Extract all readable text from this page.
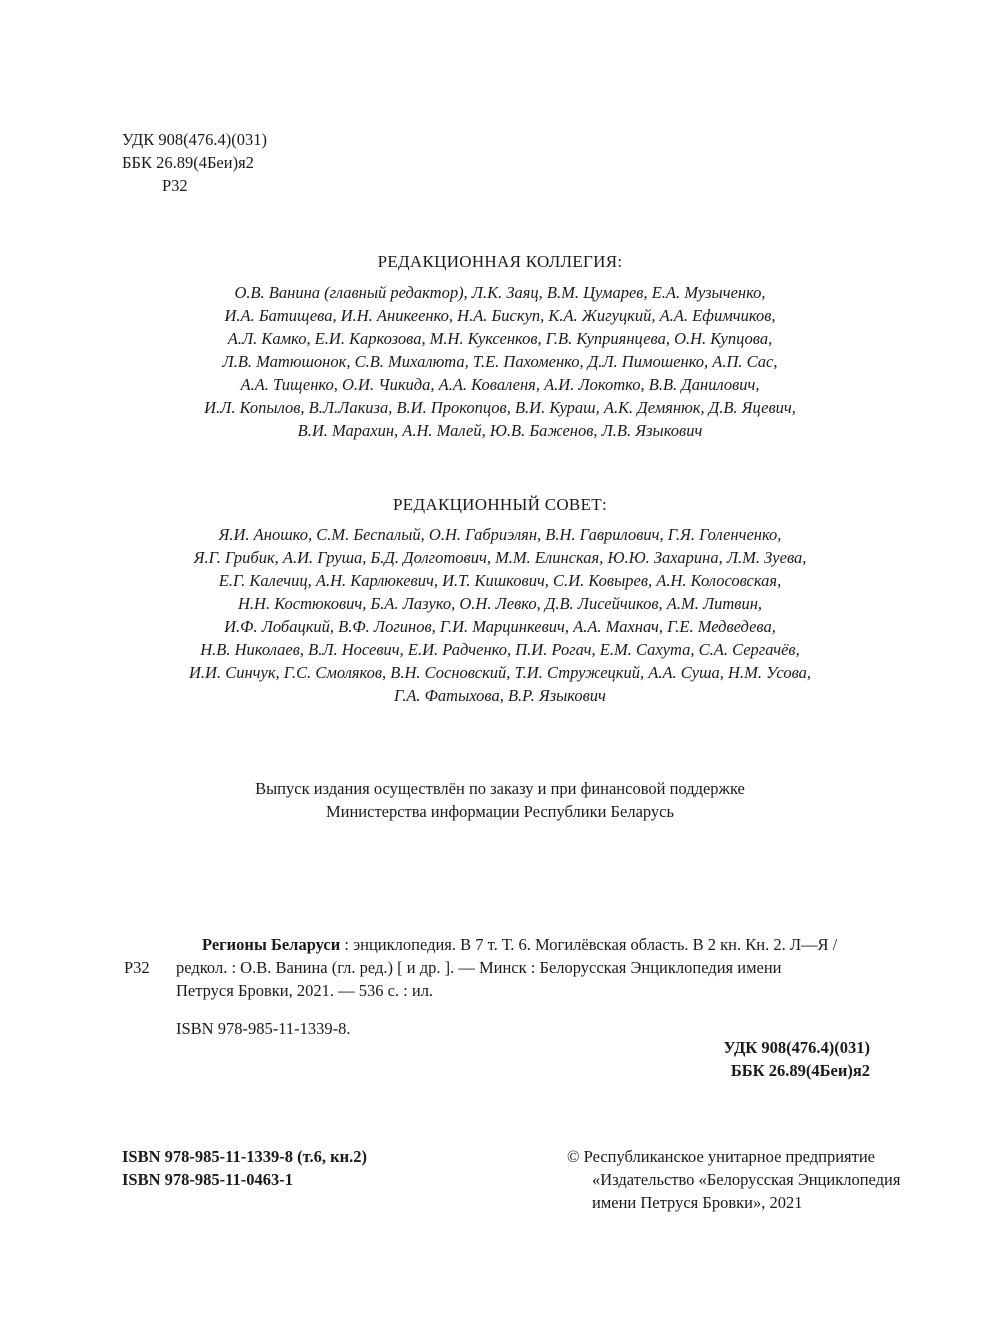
УДК 908(476.4)(031)
ББК 26.89(4Беи)я2
Р32
РЕДАКЦИОННАЯ КОЛЛЕГИЯ:
О.В. Ванина (главный редактор), Л.К. Заяц, В.М. Цумарев, Е.А. Музыченко,
И.А. Батищева, И.Н. Аникеенко, Н.А. Бискуп, К.А. Жигуцкий, А.А. Ефимчиков,
А.Л. Камко, Е.И. Каркозова, М.Н. Куксенков, Г.В. Куприянцева, О.Н. Купцова,
Л.В. Матюшонок, С.В. Михалюта, Т.Е. Пахоменко, Д.Л. Пимошенко, А.П. Сас,
А.А. Тищенко, О.И. Чикида, А.А. Коваленя, А.И. Локотко, В.В. Данилович,
И.Л. Копылов, В.Л.Лакиза, В.И. Прокопцов, В.И. Кураш, А.К. Демянюк, Д.В. Яцевич,
В.И. Марахин, А.Н. Малей, Ю.В. Баженов, Л.В. Языкович
РЕДАКЦИОННЫЙ СОВЕТ:
Я.И. Аношко, С.М. Беспалый, О.Н. Габриэлян, В.Н. Гаврилович, Г.Я. Голенченко,
Я.Г. Грибик, А.И. Груша, Б.Д. Долготович, М.М. Елинская, Ю.Ю. Захарина, Л.М. Зуева,
Е.Г. Калечиц, А.Н. Карлюкевич, И.Т. Кишкович, С.И. Ковырев, А.Н. Колосовская,
Н.Н. Костюкович, Б.А. Лазуко, О.Н. Левко, Д.В. Лисейчиков, А.М. Литвин,
И.Ф. Лобацкий, В.Ф. Логинов, Г.И. Марцинкевич, А.А. Махнач, Г.Е. Медведева,
Н.В. Николаев, В.Л. Носевич, Е.И. Радченко, П.И. Рогач, Е.М. Сахута, С.А. Сергачёв,
И.И. Синчук, Г.С. Смоляков, В.Н. Сосновский, Т.И. Стружецкий, А.А. Суша, Н.М. Усова,
Г.А. Фатыхова, В.Р. Языкович
Выпуск издания осуществлён по заказу и при финансовой поддержке
Министерства информации Республики Беларусь
Р32
Регионы Беларуси : энциклопедия. В 7 т. Т. 6. Могилёвская область. В 2 кн. Кн. 2. Л—Я /
редкол. : О.В. Ванина (гл. ред.) [ и др. ]. — Минск : Белорусская Энциклопедия имени
Петруся Бровки, 2021. — 536 с. : ил.
ISBN 978-985-11-1339-8.
УДК 908(476.4)(031)
ББК 26.89(4Беи)я2
ISBN 978-985-11-1339-8 (т.6, кн.2)
ISBN 978-985-11-0463-1
© Республиканское унитарное предприятие
«Издательство «Белорусская Энциклопедия
имени Петруся Бровки», 2021
